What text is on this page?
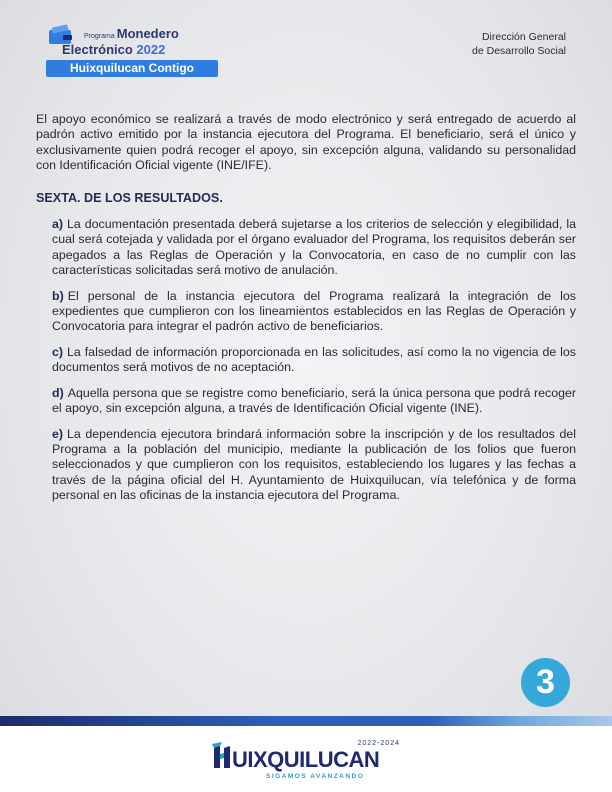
Programa Monedero
Electrónico 2022
Huixquilucan Contigo
Dirección General
de Desarrollo Social

El apoyo económico se realizará a través de modo electrónico y será entregado de acuerdo al padrón activo emitido por la instancia ejecutora del Programa. El beneficiario, será el único y exclusivamente quien podrá recoger el apoyo, sin excepción alguna, validando su personalidad con Identificación Oficial vigente (INE/IFE).

SEXTA. DE LOS RESULTADOS.

a) La documentación presentada deberá sujetarse a los criterios de selección y elegibilidad, la cual será cotejada y validada por el órgano evaluador del Programa, los requisitos deberán ser apegados a las Reglas de Operación y la Convocatoria, en caso de no cumplir con las características solicitadas será motivo de anulación.

b) El personal de la instancia ejecutora del Programa realizará la integración de los expedientes que cumplieron con los lineamientos establecidos en las Reglas de Operación y Convocatoria para integrar el padrón activo de beneficiarios.

c) La falsedad de información proporcionada en las solicitudes, así como la no vigencia de los documentos será motivos de no aceptación.

d) Aquella persona que se registre como beneficiario, será la única persona que podrá recoger el apoyo, sin excepción alguna, a través de Identificación Oficial vigente (INE).

e) La dependencia ejecutora brindará información sobre la inscripción y de los resultados del Programa a la población del municipio, mediante la publicación de los folios que fueron seleccionados y que cumplieron con los requisitos, estableciendo los lugares y las fechas a través de la página oficial del H. Ayuntamiento de Huixquilucan, vía telefónica y de forma personal en las oficinas de la instancia ejecutora del Programa.

3
2022-2024
UIXQUILUCAN
SIGAMOS AVANZANDO
